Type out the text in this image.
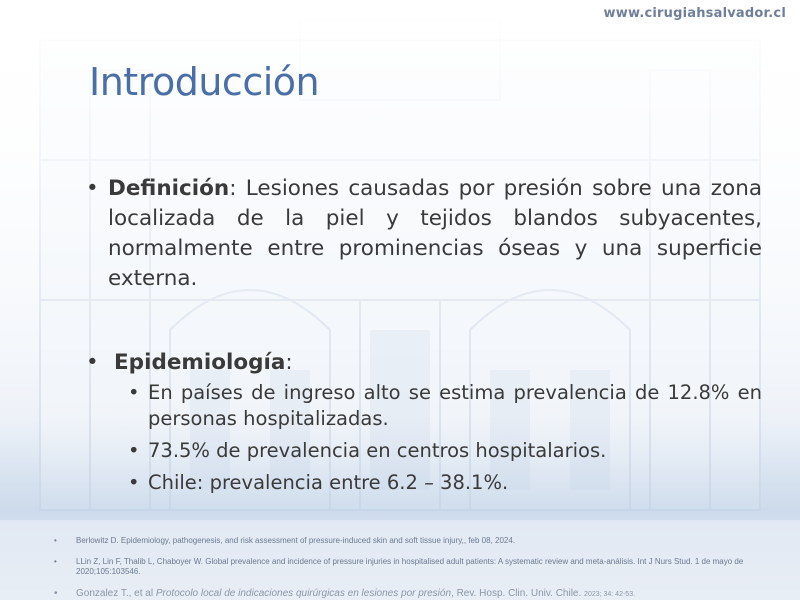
www.cirugiahsalvador.cl
Introducción
• Definición: Lesiones causadas por presión sobre una zona localizada de la piel y tejidos blandos subyacentes, normalmente entre prominencias óseas y una superficie externa.
• Epidemiología:
• En países de ingreso alto se estima prevalencia de 12.8% en personas hospitalizadas.
• 73.5% de prevalencia en centros hospitalarios.
• Chile: prevalencia entre 6.2 – 38.1%.
• Berlowitz D. Epidemiology, pathogenesis, and risk assessment of pressure-induced skin and soft tissue injury,, feb 08, 2024.
• LLin Z, Lin F, Thalib L, Chaboyer W. Global prevalence and incidence of pressure injuries in hospitalised adult patients: A systematic review and meta-análisis. Int J Nurs Stud. 1 de mayo de 2020;105:103546.
• Gonzalez T., et al Protocolo local de indicaciones quirúrgicas en lesiones por presión, Rev. Hosp. Clin. Univ. Chile. 2023; 34: 42-53.
